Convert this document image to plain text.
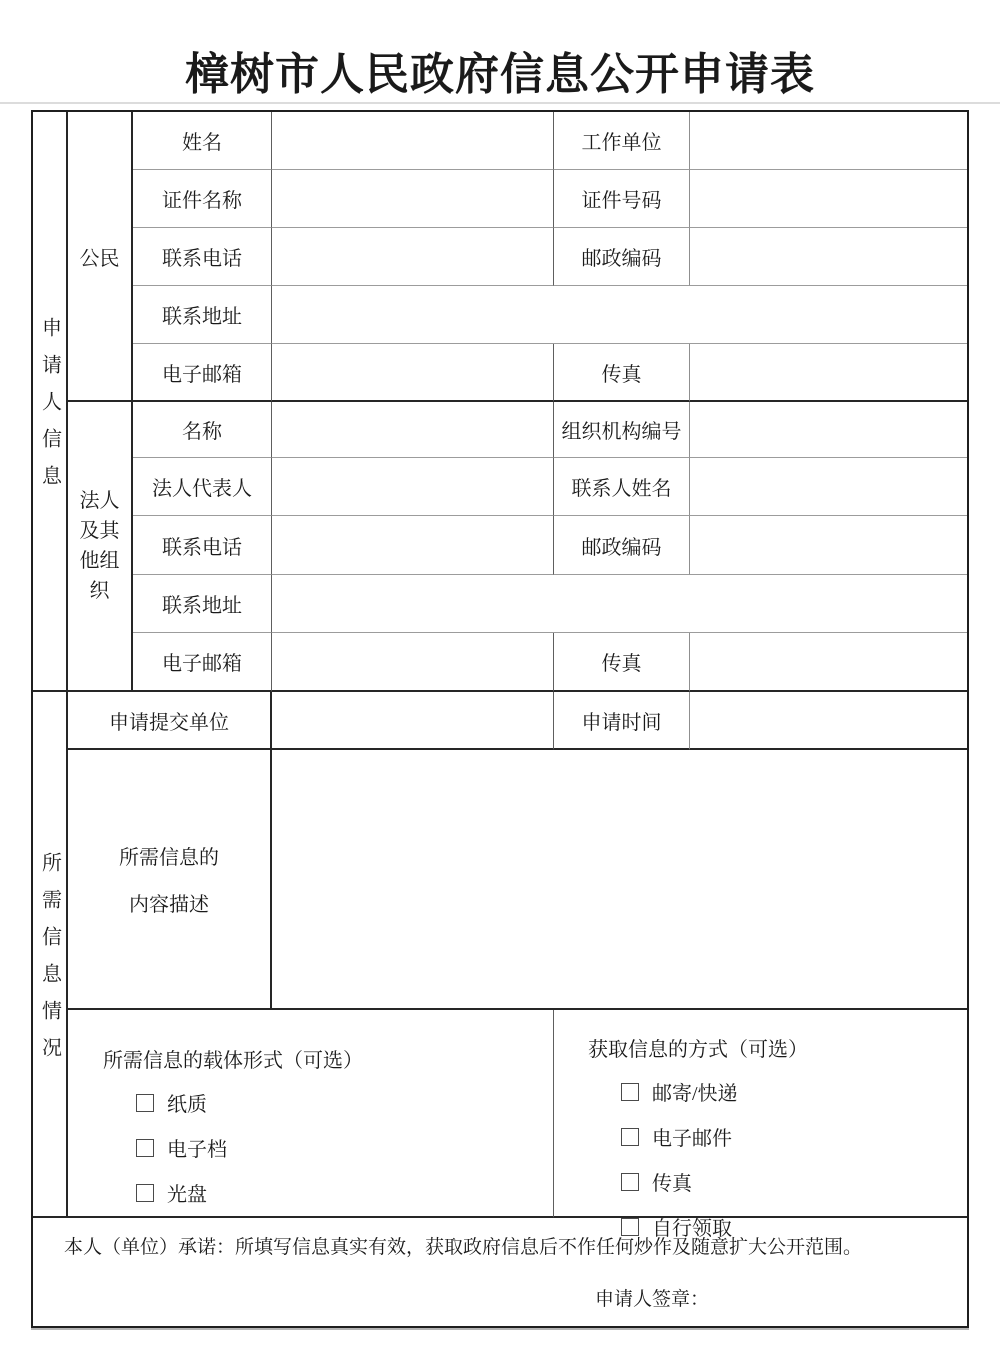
樟树市人民政府信息公开申请表
申请人信息
公民
姓名	工作单位
证件名称	证件号码
联系电话	邮政编码
联系地址
电子邮箱	传真
法人及其他组织
名称	组织机构编号
法人代表人	联系人姓名
联系电话	邮政编码
联系地址
电子邮箱	传真
所需信息情况
申请提交单位	申请时间
所需信息的
内容描述
所需信息的载体形式（可选）
纸质
电子档
光盘
获取信息的方式（可选）
邮寄/快递
电子邮件
传真
自行领取
本人（单位）承诺：所填写信息真实有效，获取政府信息后不作任何炒作及随意扩大公开范围。
申请人签章：
